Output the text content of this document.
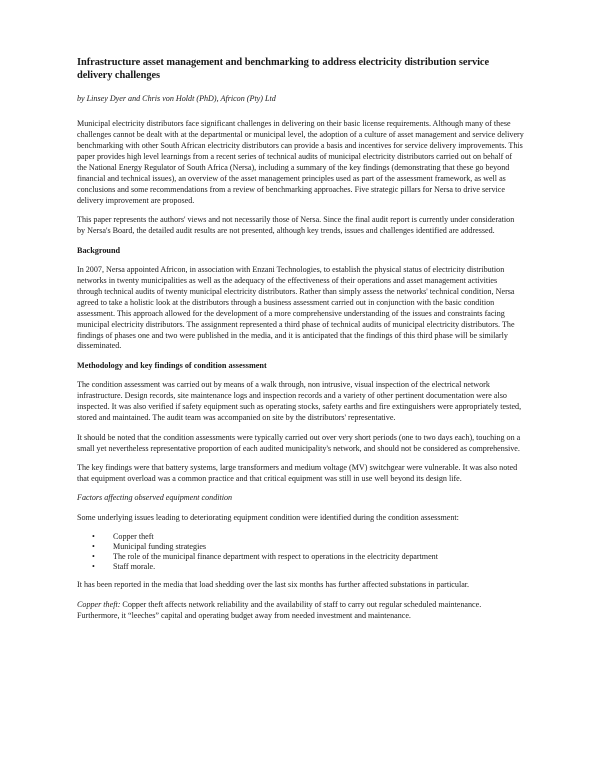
Infrastructure asset management and benchmarking to address electricity distribution service delivery challenges

by Linsey Dyer and Chris von Holdt (PhD), Africon (Pty) Ltd

Municipal electricity distributors face significant challenges in delivering on their basic license requirements. Although many of these challenges cannot be dealt with at the departmental or municipal level, the adoption of a culture of asset management and service delivery benchmarking with other South African electricity distributors can provide a basis and incentives for service delivery improvements. This paper provides high level learnings from a recent series of technical audits of municipal electricity distributors carried out on behalf of the National Energy Regulator of South Africa (Nersa), including a summary of the key findings (demonstrating that these go beyond financial and technical issues), an overview of the asset management principles used as part of the assessment framework, as well as conclusions and some recommendations from a review of benchmarking approaches. Five strategic pillars for Nersa to drive service delivery improvement are proposed.

This paper represents the authors' views and not necessarily those of Nersa. Since the final audit report is currently under consideration by Nersa's Board, the detailed audit results are not presented, although key trends, issues and challenges identified are addressed.

Background

In 2007, Nersa appointed Africon, in association with Enzani Technologies, to establish the physical status of electricity distribution networks in twenty municipalities as well as the adequacy of the effectiveness of their operations and asset management activities through technical audits of twenty municipal electricity distributors. Rather than simply assess the networks' technical condition, Nersa agreed to take a holistic look at the distributors through a business assessment carried out in conjunction with the basic condition assessment. This approach allowed for the development of a more comprehensive understanding of the issues and constraints facing municipal electricity distributors. The assignment represented a third phase of technical audits of municipal electricity distributors. The findings of phases one and two were published in the media, and it is anticipated that the findings of this third phase will be similarly disseminated.

Methodology and key findings of condition assessment

The condition assessment was carried out by means of a walk through, non intrusive, visual inspection of the electrical network infrastructure. Design records, site maintenance logs and inspection records and a variety of other pertinent documentation were also inspected. It was also verified if safety equipment such as operating stocks, safety earths and fire extinguishers were appropriately tested, stored and maintained. The audit team was accompanied on site by the distributors' representative.

It should be noted that the condition assessments were typically carried out over very short periods (one to two days each), touching on a small yet nevertheless representative proportion of each audited municipality's network, and should not be considered as comprehensive.

The key findings were that battery systems, large transformers and medium voltage (MV) switchgear were vulnerable. It was also noted that equipment overload was a common practice and that critical equipment was still in use well beyond its design life.

Factors affecting observed equipment condition

Some underlying issues leading to deteriorating equipment condition were identified during the condition assessment:

• Copper theft
• Municipal funding strategies
• The role of the municipal finance department with respect to operations in the electricity department
• Staff morale.

It has been reported in the media that load shedding over the last six months has further affected substations in particular.

Copper theft: Copper theft affects network reliability and the availability of staff to carry out regular scheduled maintenance. Furthermore, it “leeches” capital and operating budget away from needed investment and maintenance.
